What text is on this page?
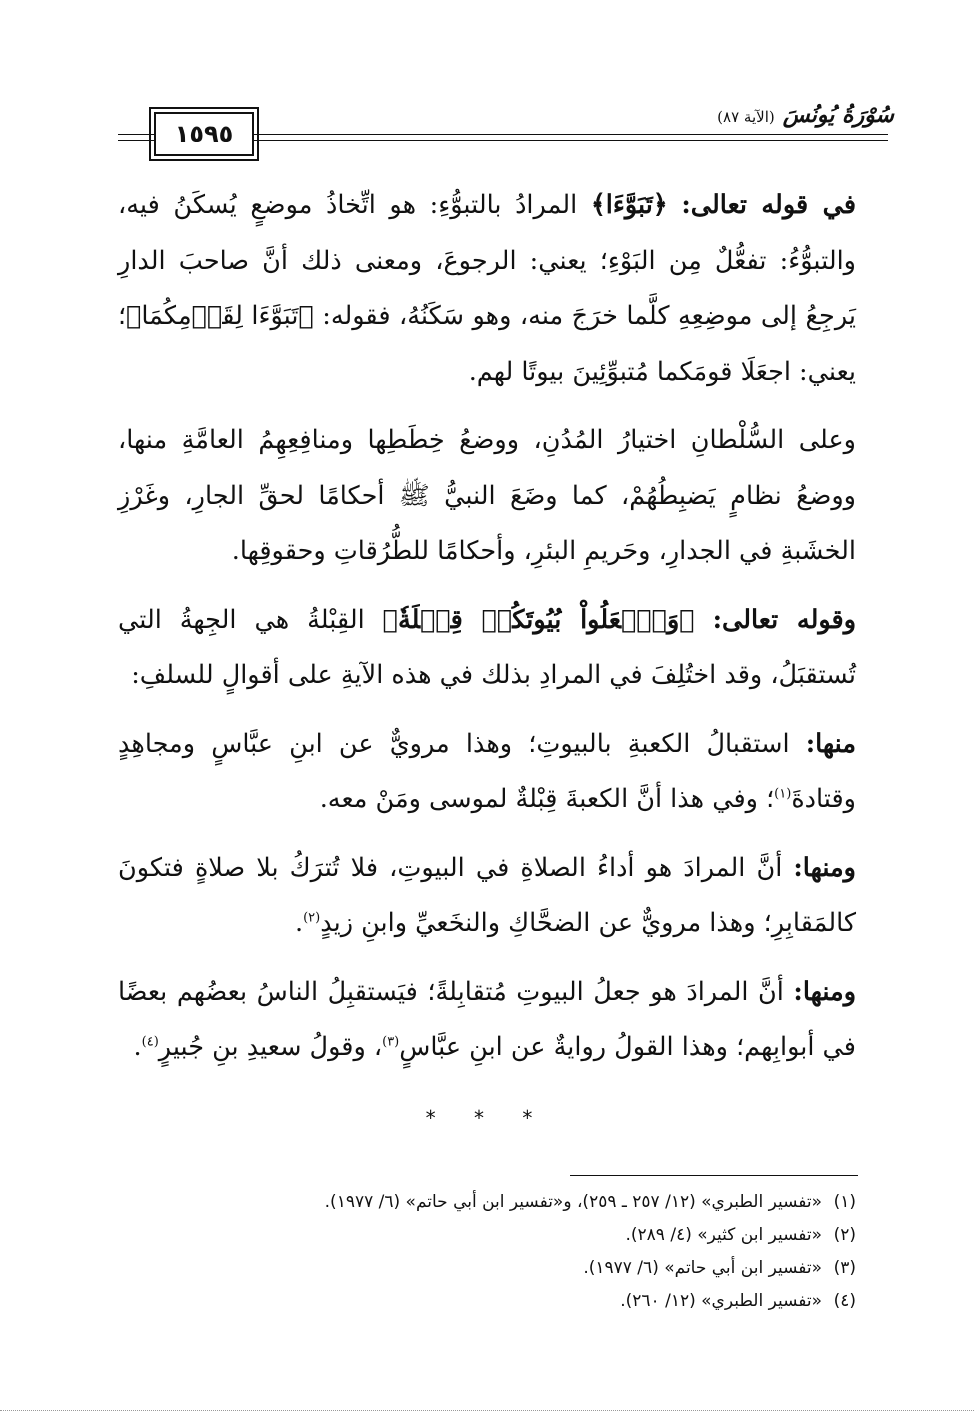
١٥٩٥
سُوْرَةُ يُونُسَ
(الآية ٨٧)

في قوله تعالى: ﴿تَبَوَّءَا﴾ المرادُ بالتبوُّءِ: هو اتِّخاذُ موضعٍ يُسكَنُ فيه، والتبوُّءُ: تفعُّلٌ مِن البَوْءِ؛ يعني: الرجوعَ، ومعنى ذلك أنَّ صاحبَ الدارِ يَرجِعُ إلى موضِعِهِ كلَّما خرَجَ منه، وهو سَكَنُهُ، فقوله: ﴿تَبَوَّءَا لِقَوۡمِكُمَا﴾؛ يعني: اجعَلَا قومَكما مُتبوِّئِينَ بيوتًا لهم.

وعلى السُّلْطانِ اختيارُ المُدُنِ، ووضعُ خِطَطِها ومنافِعِهِمُ العامَّةِ منها، ووضعُ نظامٍ يَضبِطُهُمْ، كما وضَعَ النبيُّ ﷺ أحكامًا لحقِّ الجارِ، وغَرْزِ الخشَبةِ في الجدارِ، وحَريمِ البئرِ، وأحكامًا للطُّرُقاتِ وحقوقِها.

وقوله تعالى: ﴿وَٱجۡعَلُواْ بُيُوتَكُمۡ قِبۡلَةٗ﴾ القِبْلةُ هي الجِهةُ التي تُستقبَلُ، وقد اختُلِفَ في المرادِ بذلك في هذه الآيةِ على أقوالٍ للسلفِ:

منها: استقبالُ الكعبةِ بالبيوتِ؛ وهذا مرويٌّ عن ابنِ عبَّاسٍ ومجاهِدٍ وقتادةَ$^{(١)}$؛ وفي هذا أنَّ الكعبةَ قِبْلةٌ لموسى ومَنْ معه.

ومنها: أنَّ المرادَ هو أداءُ الصلاةِ في البيوتِ، فلا تُترَكُ بلا صلاةٍ فتكونَ كالمَقابِرِ؛ وهذا مرويٌّ عن الضحَّاكِ والنخَعيِّ وابنِ زيدٍ$^{(٢)}$.

ومنها: أنَّ المرادَ هو جعلُ البيوتِ مُتقابِلةً؛ فيَستقبِلُ الناسُ بعضُهم بعضًا في أبوابِهم؛ وهذا القولُ روايةٌ عن ابنِ عبَّاسٍ$^{(٣)}$، وقولُ سعيدِ بنِ جُبيرٍ$^{(٤)}$.

* * *
(١)«تفسير الطبري» (١٢/ ٢٥٧ ـ ٢٥٩)، و«تفسير ابن أبي حاتم» (٦/ ١٩٧٧).
(٢)«تفسير ابن كثير» (٤/ ٢٨٩).
(٣)«تفسير ابن أبي حاتم» (٦/ ١٩٧٧).
(٤)«تفسير الطبري» (١٢/ ٢٦٠).
